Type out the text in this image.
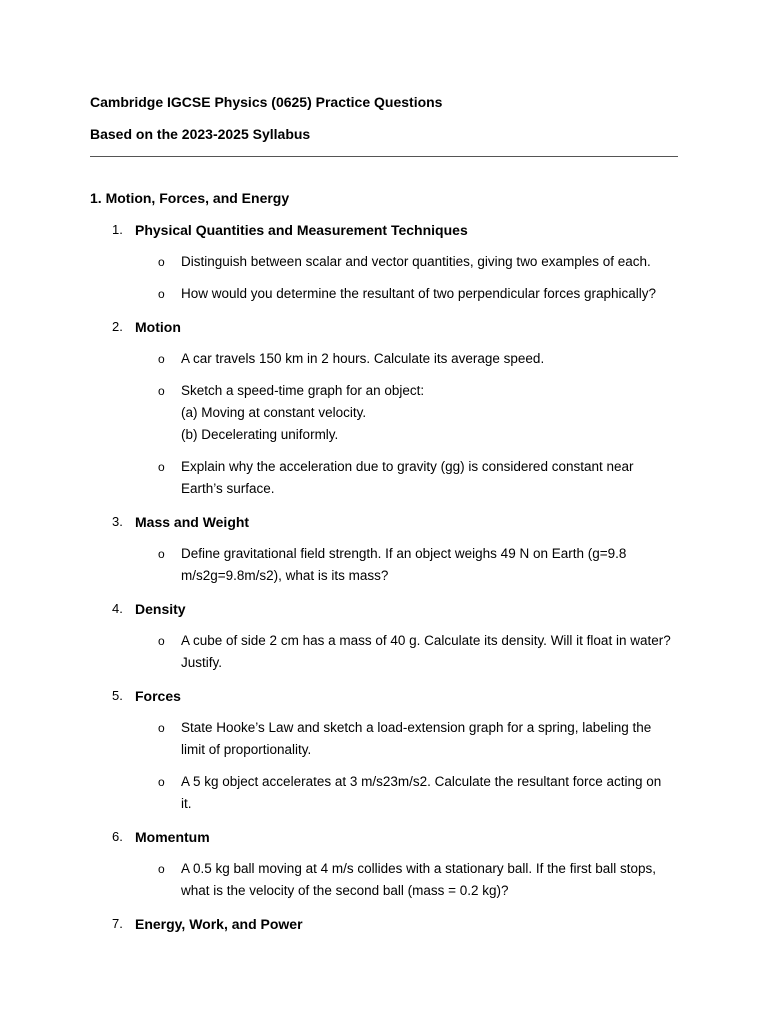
Cambridge IGCSE Physics (0625) Practice Questions

Based on the 2023-2025 Syllabus

1. Motion, Forces, and Energy

1. Physical Quantities and Measurement Techniques
o Distinguish between scalar and vector quantities, giving two examples of each.
o How would you determine the resultant of two perpendicular forces graphically?
2. Motion
o A car travels 150 km in 2 hours. Calculate its average speed.
o Sketch a speed-time graph for an object:
(a) Moving at constant velocity.
(b) Decelerating uniformly.
o Explain why the acceleration due to gravity (gg) is considered constant near
Earth’s surface.
3. Mass and Weight
o Define gravitational field strength. If an object weighs 49 N on Earth (g=9.8
m/s2g=9.8m/s2), what is its mass?
4. Density
o A cube of side 2 cm has a mass of 40 g. Calculate its density. Will it float in water?
Justify.
5. Forces
o State Hooke’s Law and sketch a load-extension graph for a spring, labeling the
limit of proportionality.
o A 5 kg object accelerates at 3 m/s23m/s2. Calculate the resultant force acting on
it.
6. Momentum
o A 0.5 kg ball moving at 4 m/s collides with a stationary ball. If the first ball stops,
what is the velocity of the second ball (mass = 0.2 kg)?
7. Energy, Work, and Power
